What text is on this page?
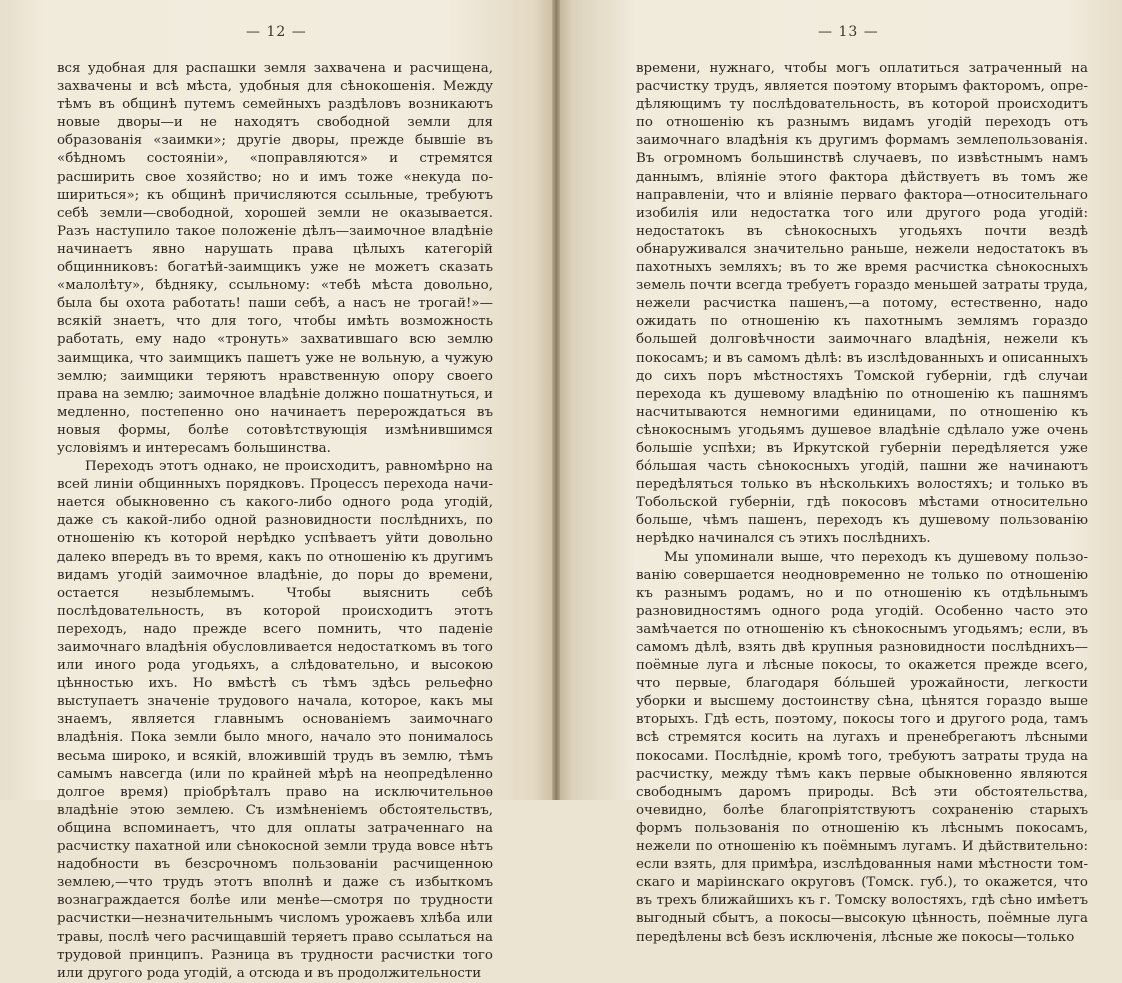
— 12 —

вся удобная для распашки земля захвачена и расчищена, захвачены и всѣ мѣста, удобныя для сѣнокошенія. Между тѣмъ въ общинѣ путемъ семейныхъ раздѣловъ возникаютъ новые дворы—и не находятъ свободной земли для образованія «заимки»; другіе дворы, прежде бывшіе въ «бѣдномъ состояніи», «поправляются» и стремятся расширить свое хозяйство; но и имъ тоже «некуда пошириться»; къ общинѣ причисляются ссыльные, требуютъ себѣ земли—свободной, хорошей земли не оказывается. Разъ наступило такое положеніе дѣлъ—заимочное владѣніе начинаетъ явно нарушать права цѣлыхъ категорій общинниковъ: богатѣй-заимщикъ уже не можетъ сказать «малолѣту», бѣдняку, ссыльному: «тебѣ мѣста довольно, была бы охота работать! паши себѣ, а насъ не трогай!»—всякій знаетъ, что для того, чтобы имѣть возможность работать, ему надо «тронуть» захватившаго всю землю заимщика, что заимщикъ пашетъ уже не вольную, а чужую землю; заимщики теряютъ нравственную опору своего права на землю; заимочное владѣніе должно пошатнуться, и медленно, постепенно оно начинаетъ перерождаться въ новыя формы, болѣе сотовѣтствующія измѣнившимся условіямъ и интересамъ большинства.

Переходъ этотъ однако, не происходитъ, равномѣрно на всей линіи общинныхъ порядковъ. Процессъ перехода начинается обыкновенно съ какого-либо одного рода угодій, даже съ какой-либо одной разновидности послѣднихъ, по отношенію къ которой нерѣдко успѣваетъ уйти довольно далеко впередъ въ то время, какъ по отношенію къ другимъ видамъ угодій заимочное владѣніе, до поры до времени, остается незыблемымъ. Чтобы выяснить себѣ послѣдовательность, въ которой происходитъ этотъ переходъ, надо прежде всего помнить, что паденіе заимочнаго владѣнія обусловливается недостаткомъ въ того или иного рода угодьяхъ, а слѣдовательно, и высокою цѣнностью ихъ. Но вмѣстѣ съ тѣмъ здѣсь рельефно выступаетъ значеніе трудового начала, которое, какъ мы знаемъ, является главнымъ основаніемъ заимочнаго владѣнія. Пока земли было много, начало это понималось весьма широко, и всякій, вложившій трудъ въ землю, тѣмъ самымъ навсегда (или по крайней мѣрѣ на неопредѣленно долгое время) пріобрѣталъ право на исключительноѳ владѣніе этою землею. Съ измѣненіемъ обстоятельствъ, община вспоминаетъ, что для оплаты затраченнаго на расчистку пахатной или сѣнокосной земли труда вовсе нѣтъ надобности въ безсрочномъ пользованіи расчищенною землею,—что трудъ этотъ вполнѣ и даже съ избыткомъ вознаграждается болѣе или менѣе—смотря по трудности расчистки—незначительнымъ числомъ урожаевъ хлѣба или травы, послѣ чего расчищавшій теряетъ право ссылаться на трудовой принципъ. Разница въ трудности расчистки того или другого рода угодій, а отсюда и въ продолжительности

— 13 —

времени, нужнаго, чтобы могъ оплатиться затраченный на расчистку трудъ, является поэтому вторымъ факторомъ, опредѣляющимъ ту послѣдовательность, въ которой происходитъ по отношенію къ разнымъ видамъ угодій переходъ отъ заимочнаго владѣнія къ другимъ формамъ землепользованія. Въ огромномъ большинствѣ случаевъ, по извѣстнымъ намъ даннымъ, вліяніе этого фактора дѣйствуетъ въ томъ же направленіи, что и вліяніе перваго фактора—относительнаго изобилія или недостатка того или другого рода угодій: недостатокъ въ сѣнокосныхъ угодьяхъ почти вездѣ обнаруживался значительно раньше, нежели недостатокъ въ пахотныхъ земляхъ; въ то же время расчистка сѣнокосныхъ земель почти всегда требуетъ гораздо меньшей затраты труда, нежели расчистка пашенъ,—а потому, естественно, надо ожидать по отношенію къ пахотнымъ землямъ гораздо большей долговѣчности заимочнаго владѣнія, нежели къ покосамъ; и въ самомъ дѣлѣ: въ изслѣдованныхъ и описанныхъ до сихъ поръ мѣстностяхъ Томской губерніи, гдѣ случаи перехода къ душевому владѣнію по отношенію къ пашнямъ насчитываются немногими единицами, по отношенію къ сѣнокоснымъ угодьямъ душевое владѣніе сдѣлало уже очень большіе успѣхи; въ Иркутской губерніи передѣляется уже бо́льшая часть сѣнокосныхъ угодій, пашни же начинаютъ передѣляться только въ нѣсколькихъ волостяхъ; и только въ Тобольской губерніи, гдѣ покосовъ мѣстами относительно больше, чѣмъ пашенъ, переходъ къ душевому пользованію нерѣдко начинался съ этихъ послѣднихъ.

Мы упоминали выше, что переходъ къ душевому пользованію совершается неодновременно не только по отношенію къ разнымъ родамъ, но и по отношенію къ отдѣльнымъ разновидностямъ одного рода угодій. Особенно часто это замѣчается по отношенію къ сѣнокоснымъ угодьямъ; если, въ самомъ дѣлѣ, взять двѣ крупныя разновидности послѣднихъ—поёмные луга и лѣсные покосы, то окажется прежде всего, что первые, благодаря бо́льшей урожайности, легкости уборки и высшему достоинству сѣна, цѣнятся гораздо выше вторыхъ. Гдѣ есть, поэтому, покосы того и другого рода, тамъ всѣ стремятся косить на лугахъ и пренебрегаютъ лѣсными покосами. Послѣдніе, кромѣ того, требуютъ затраты труда на расчистку, между тѣмъ какъ первые обыкновенно являются свободнымъ даромъ природы. Всѣ эти обстоятельства, очевидно, болѣе благопріятствуютъ сохраненію старыхъ формъ пользованія по отношенію къ лѣснымъ покосамъ, нежели по отношенію къ поёмнымъ лугамъ. И дѣйствительно: если взять, для примѣра, изслѣдованныя нами мѣстности томскаго и маріинскаго округовъ (Томск. губ.), то окажется, что въ трехъ ближайшихъ къ г. Томску волостяхъ, гдѣ сѣно имѣетъ выгодный сбытъ, а покосы—высокую цѣнность, поёмные луга передѣлены всѣ безъ исключенія, лѣсные же покосы—только
